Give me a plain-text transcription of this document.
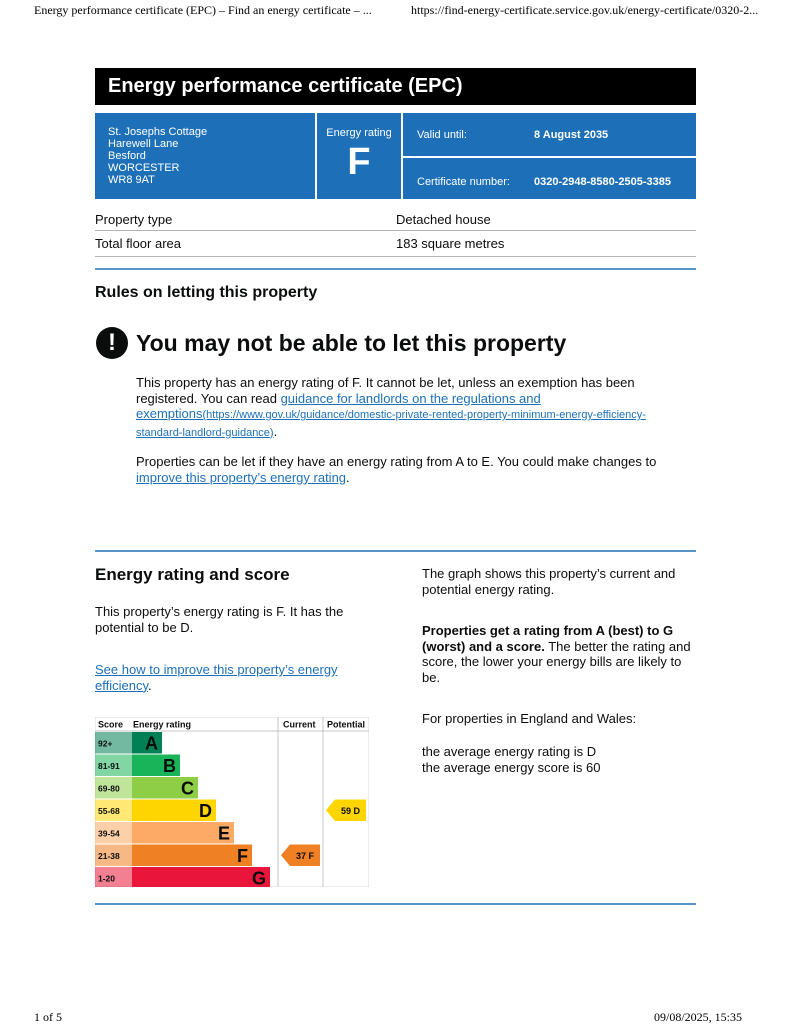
Energy performance certificate (EPC) – Find an energy certificate – ...	https://find-energy-certificate.service.gov.uk/energy-certificate/0320-2...
1 of 5	09/08/2025, 15:35
Energy performance certificate (EPC)
St. Josephs Cottage
Harewell Lane
Besford
WORCESTER
WR8 9AT
Energy rating
F
Valid until:	8 August 2035
Certificate number: 0320-2948-8580-2505-3385
Property type	Detached house
Total floor area	183 square metres
Rules on letting this property
! You may not be able to let this property
This property has an energy rating of F. It cannot be let, unless an exemption has been registered. You can read guidance for landlords on the regulations and exemptions(https://www.gov.uk/guidance/domestic-private-rented-property-minimum-energy-efficiency-standard-landlord-guidance).
Properties can be let if they have an energy rating from A to E. You could make changes to improve this property’s energy rating.
Energy rating and score
This property’s energy rating is F. It has the potential to be D.
See how to improve this property’s energy efficiency.
The graph shows this property’s current and potential energy rating.
Properties get a rating from A (best) to G (worst) and a score. The better the rating and score, the lower your energy bills are likely to be.
For properties in England and Wales:
the average energy rating is D
the average energy score is 60
Score Energy rating	Current Potential
92+ A
81-91 B
69-80	C
55-68	D
39-54	E
21-38	F
1-20	G
37 F
59 D
